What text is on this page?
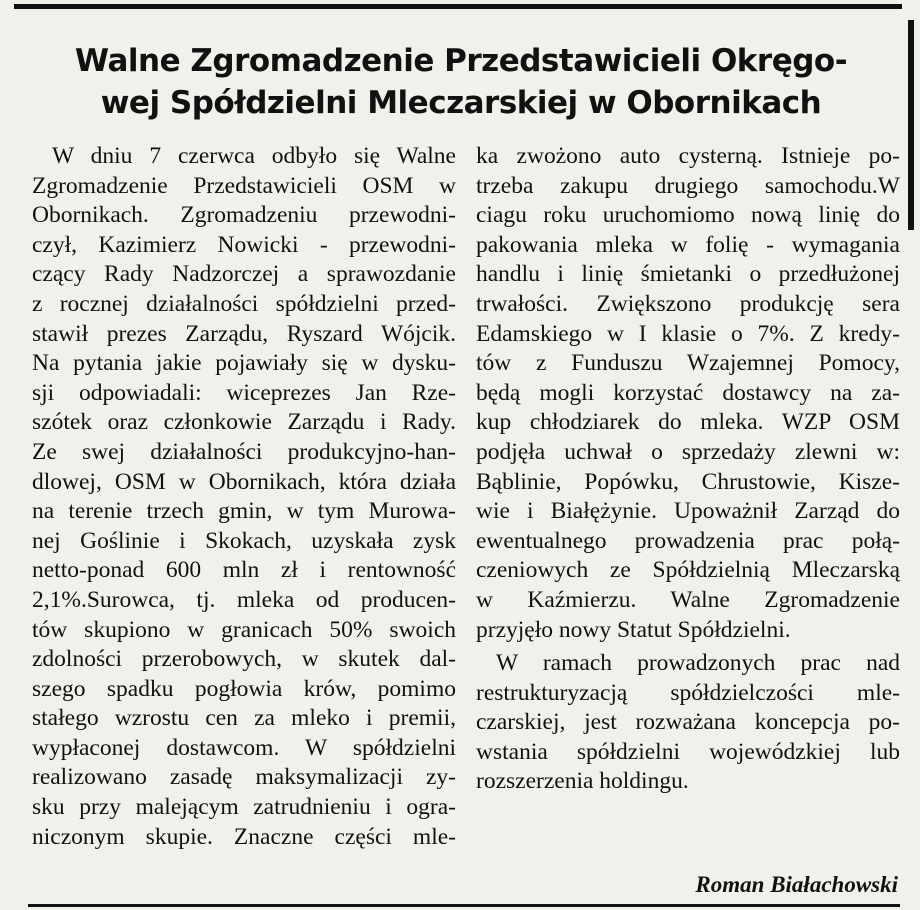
Walne Zgromadzenie Przedstawicieli Okręgo-
wej Spółdzielni Mleczarskiej w Obornikach
W dniu 7 czerwca odbyło się Walne
Zgromadzenie Przedstawicieli OSM w
Obornikach. Zgromadzeniu przewodni-
czył, Kazimierz Nowicki - przewodni-
czący Rady Nadzorczej a sprawozdanie
z rocznej działalności spółdzielni przed-
stawił prezes Zarządu, Ryszard Wójcik.
Na pytania jakie pojawiały się w dysku-
sji odpowiadali: wiceprezes Jan Rze-
szótek oraz członkowie Zarządu i Rady.
Ze swej działalności produkcyjno-han-
dlowej, OSM w Obornikach, która działa
na terenie trzech gmin, w tym Murowa-
nej Goślinie i Skokach, uzyskała zysk
netto-ponad 600 mln zł i rentowność
2,1%.Surowca, tj. mleka od producen-
tów skupiono w granicach 50% swoich
zdolności przerobowych, w skutek dal-
szego spadku pogłowia krów, pomimo
stałego wzrostu cen za mleko i premii,
wypłaconej dostawcom. W spółdzielni
realizowano zasadę maksymalizacji zy-
sku przy malejącym zatrudnieniu i ogra-
niczonym skupie. Znaczne części mle-
ka zwożono auto cysterną. Istnieje po-
trzeba zakupu drugiego samochodu.W
ciagu roku uruchomiomo nową linię do
pakowania mleka w folię - wymagania
handlu i linię śmietanki o przedłużonej
trwałości. Zwiększono produkcję sera
Edamskiego w I klasie o 7%. Z kredy-
tów z Funduszu Wzajemnej Pomocy,
będą mogli korzystać dostawcy na za-
kup chłodziarek do mleka. WZP OSM
podjęła uchwał o sprzedaży zlewni w:
Bąblinie, Popówku, Chrustowie, Kisze-
wie i Białężynie. Upoważnił Zarząd do
ewentualnego prowadzenia prac połą-
czeniowych ze Spółdzielnią Mleczarską
w Kaźmierzu. Walne Zgromadzenie
przyjęło nowy Statut Spółdzielni.
W ramach prowadzonych prac nad
restrukturyzacją spółdzielczości mle-
czarskiej, jest rozważana koncepcja po-
wstania spółdzielni wojewódzkiej lub
rozszerzenia holdingu.
Roman Białachowski
